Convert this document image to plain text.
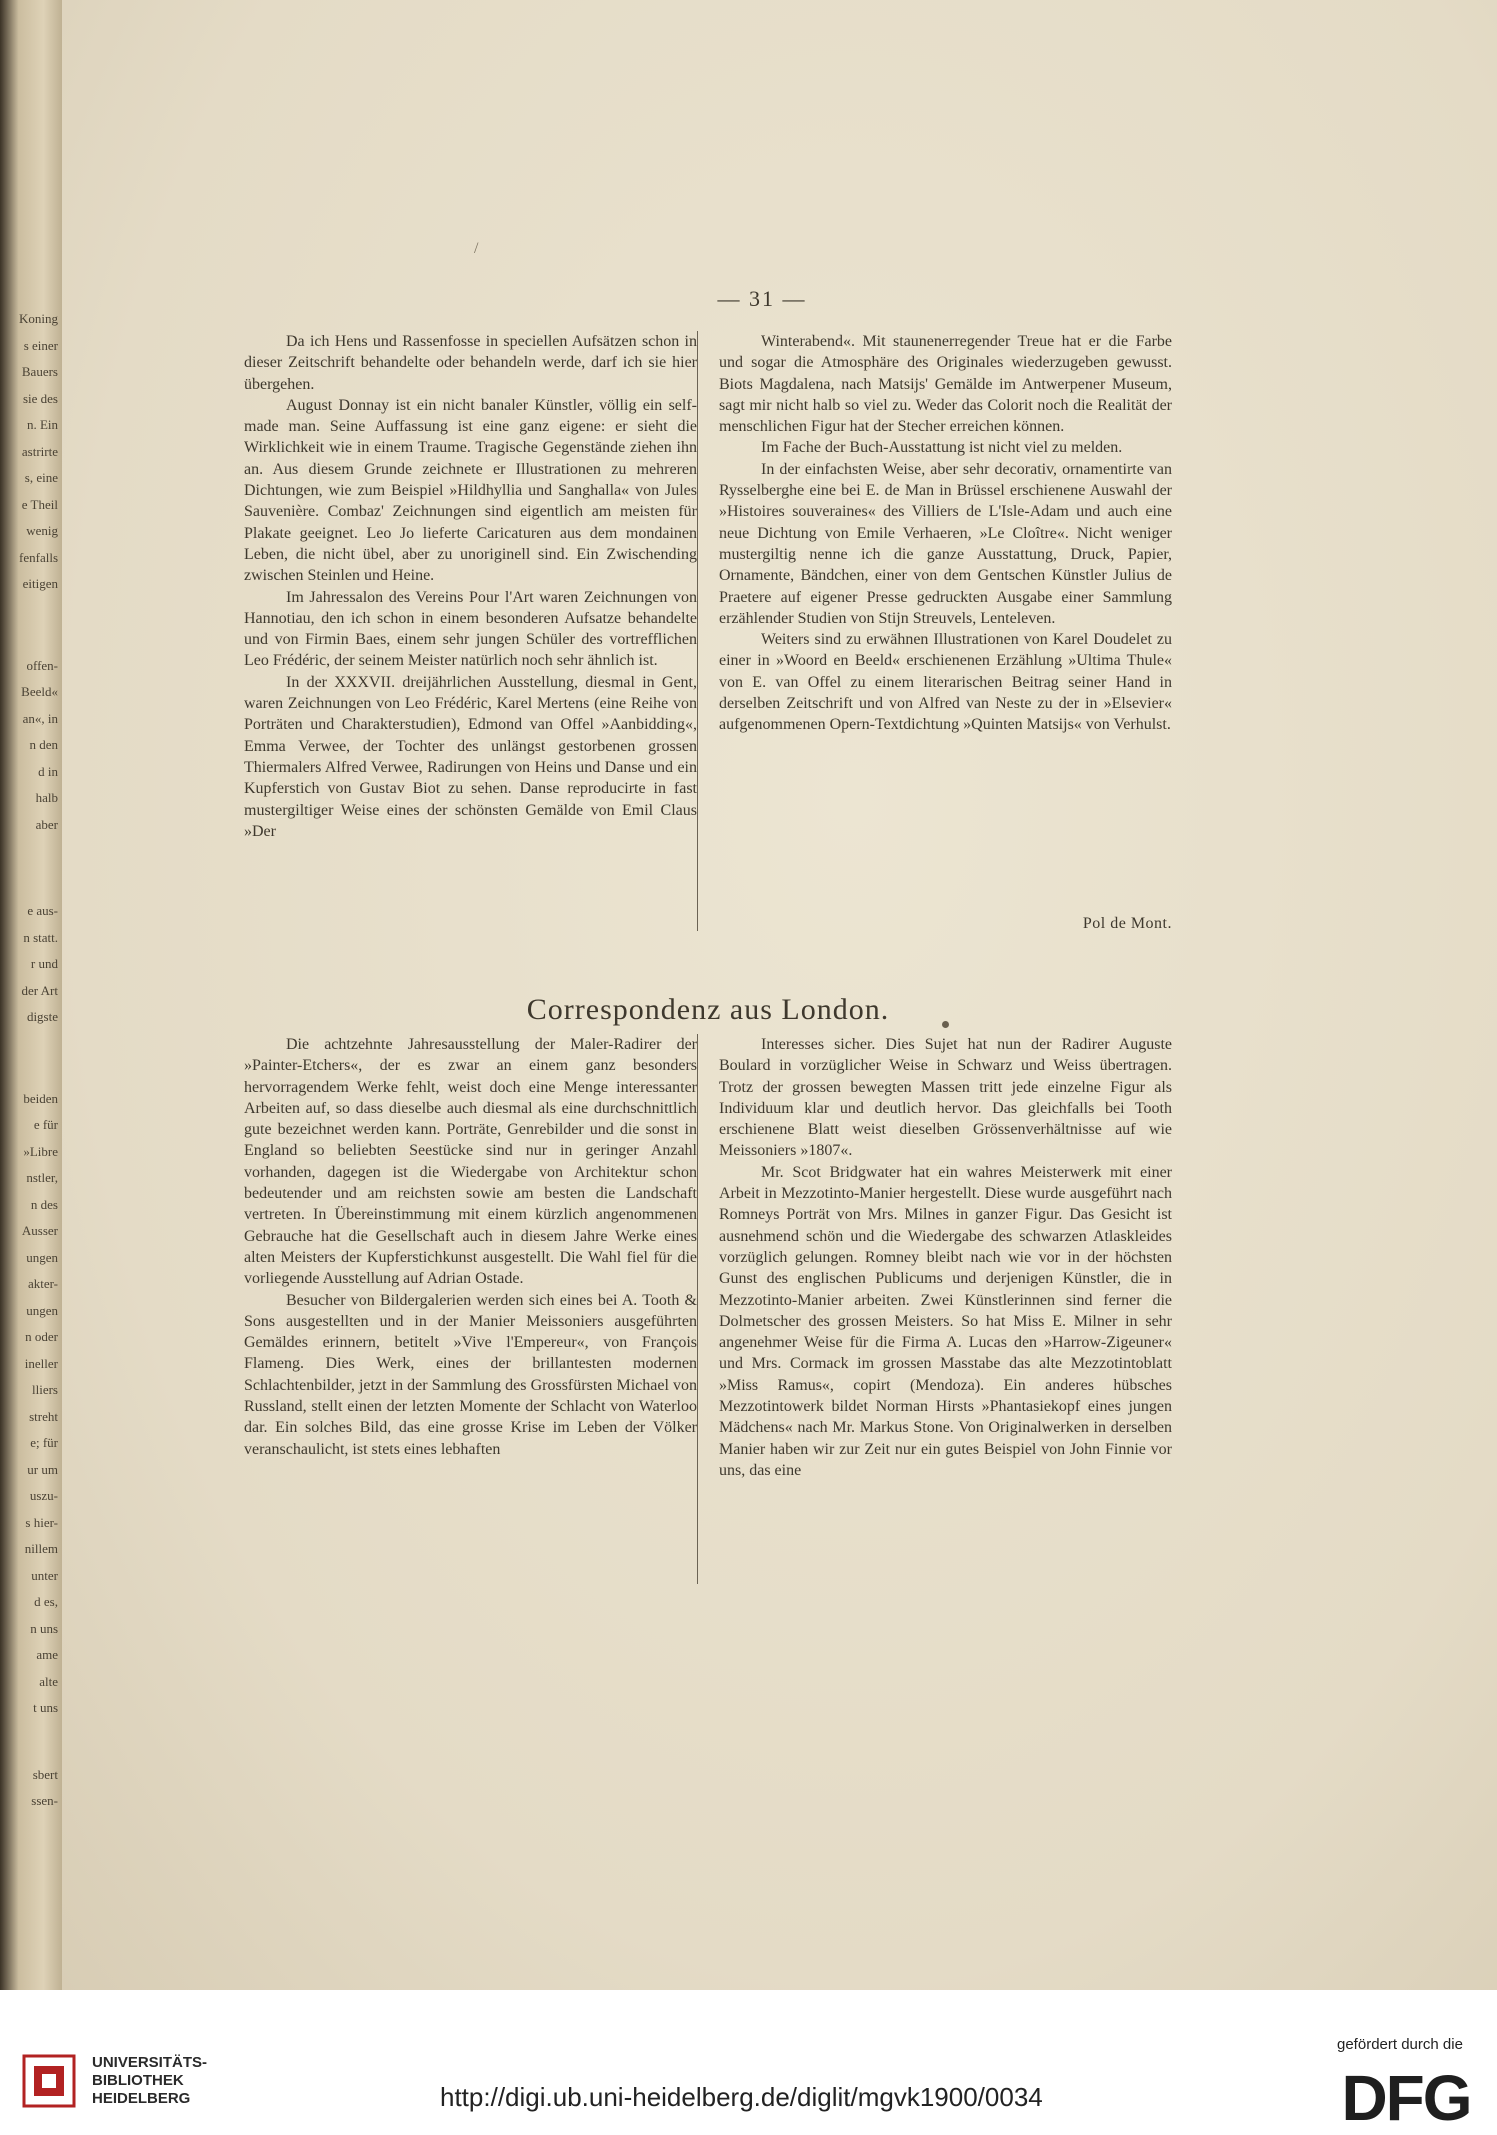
Koning
s einer
Bauers
sie des
n. Ein
astrirte
s, eine
e Theil
wenig
fenfalls
eitigen
offen-
Beeld«
an«, in
n den
d in
halb
aber
e aus-
n statt.
r und
der Art
digste
beiden
e für
»Libre
nstler,
n des
Ausser
ungen
akter-
ungen
n oder
ineller
lliers
streht
e; für
ur um
uszu-
s hier-
nillem
unter
d es,
n uns
ame
alte
t uns
sbert
ssen-
— 31 —
/

Da ich Hens und Rassenfosse in speciellen Aufsätzen schon in dieser Zeitschrift behandelte oder behandeln werde, darf ich sie hier übergehen.

August Donnay ist ein nicht banaler Künstler, völlig ein self-made man. Seine Auffassung ist eine ganz eigene: er sieht die Wirklichkeit wie in einem Traume. Tragische Gegenstände ziehen ihn an. Aus diesem Grunde zeichnete er Illustrationen zu mehreren Dichtungen, wie zum Beispiel »Hildhyllia und Sanghalla« von Jules Sauvenière. Combaz' Zeichnungen sind eigentlich am meisten für Plakate geeignet. Leo Jo lieferte Caricaturen aus dem mondainen Leben, die nicht übel, aber zu unoriginell sind. Ein Zwischending zwischen Steinlen und Heine.

Im Jahressalon des Vereins Pour l'Art waren Zeichnungen von Hannotiau, den ich schon in einem besonderen Aufsatze behandelte und von Firmin Baes, einem sehr jungen Schüler des vortrefflichen Leo Frédéric, der seinem Meister natürlich noch sehr ähnlich ist.

In der XXXVII. dreijährlichen Ausstellung, diesmal in Gent, waren Zeichnungen von Leo Frédéric, Karel Mertens (eine Reihe von Porträten und Charakterstudien), Edmond van Offel »Aanbidding«, Emma Verwee, der Tochter des unlängst gestorbenen grossen Thiermalers Alfred Verwee, Radirungen von Heins und Danse und ein Kupferstich von Gustav Biot zu sehen. Danse reproducirte in fast mustergiltiger Weise eines der schönsten Gemälde von Emil Claus »Der

Winterabend«. Mit staunenerregender Treue hat er die Farbe und sogar die Atmosphäre des Originales wiederzugeben gewusst. Biots Magdalena, nach Matsijs' Gemälde im Antwerpener Museum, sagt mir nicht halb so viel zu. Weder das Colorit noch die Realität der menschlichen Figur hat der Stecher erreichen können.

Im Fache der Buch-Ausstattung ist nicht viel zu melden.

In der einfachsten Weise, aber sehr decorativ, ornamentirte van Rysselberghe eine bei E. de Man in Brüssel erschienene Auswahl der »Histoires souveraines« des Villiers de L'Isle-Adam und auch eine neue Dichtung von Emile Verhaeren, »Le Cloître«. Nicht weniger mustergiltig nenne ich die ganze Ausstattung, Druck, Papier, Ornamente, Bändchen, einer von dem Gentschen Künstler Julius de Praetere auf eigener Presse gedruckten Ausgabe einer Sammlung erzählender Studien von Stijn Streuvels, Lenteleven.

Weiters sind zu erwähnen Illustrationen von Karel Doudelet zu einer in »Woord en Beeld« erschienenen Erzählung »Ultima Thule« von E. van Offel zu einem literarischen Beitrag seiner Hand in derselben Zeitschrift und von Alfred van Neste zu der in »Elsevier« aufgenommenen Opern-Textdichtung »Quinten Matsijs« von Verhulst.

Pol de Mont.
Correspondenz aus London.

Die achtzehnte Jahresausstellung der Maler-Radirer der »Painter-Etchers«, der es zwar an einem ganz besonders hervorragendem Werke fehlt, weist doch eine Menge interessanter Arbeiten auf, so dass dieselbe auch diesmal als eine durchschnittlich gute bezeichnet werden kann. Porträte, Genrebilder und die sonst in England so beliebten Seestücke sind nur in geringer Anzahl vorhanden, dagegen ist die Wiedergabe von Architektur schon bedeutender und am reichsten sowie am besten die Landschaft vertreten. In Übereinstimmung mit einem kürzlich angenommenen Gebrauche hat die Gesellschaft auch in diesem Jahre Werke eines alten Meisters der Kupferstichkunst ausgestellt. Die Wahl fiel für die vorliegende Ausstellung auf Adrian Ostade.

Besucher von Bildergalerien werden sich eines bei A. Tooth & Sons ausgestellten und in der Manier Meissoniers ausgeführten Gemäldes erinnern, betitelt »Vive l'Empereur«, von François Flameng. Dies Werk, eines der brillantesten modernen Schlachtenbilder, jetzt in der Sammlung des Grossfürsten Michael von Russland, stellt einen der letzten Momente der Schlacht von Waterloo dar. Ein solches Bild, das eine grosse Krise im Leben der Völker veranschaulicht, ist stets eines lebhaften

Interesses sicher. Dies Sujet hat nun der Radirer Auguste Boulard in vorzüglicher Weise in Schwarz und Weiss übertragen. Trotz der grossen bewegten Massen tritt jede einzelne Figur als Individuum klar und deutlich hervor. Das gleichfalls bei Tooth erschienene Blatt weist dieselben Grössenverhältnisse auf wie Meissoniers »1807«.

Mr. Scot Bridgwater hat ein wahres Meisterwerk mit einer Arbeit in Mezzotinto-Manier hergestellt. Diese wurde ausgeführt nach Romneys Porträt von Mrs. Milnes in ganzer Figur. Das Gesicht ist ausnehmend schön und die Wiedergabe des schwarzen Atlaskleides vorzüglich gelungen. Romney bleibt nach wie vor in der höchsten Gunst des englischen Publicums und derjenigen Künstler, die in Mezzotinto-Manier arbeiten. Zwei Künstlerinnen sind ferner die Dolmetscher des grossen Meisters. So hat Miss E. Milner in sehr angenehmer Weise für die Firma A. Lucas den »Harrow-Zigeuner« und Mrs. Cormack im grossen Masstabe das alte Mezzotintoblatt »Miss Ramus«, copirt (Mendoza). Ein anderes hübsches Mezzotintowerk bildet Norman Hirsts »Phantasiekopf eines jungen Mädchens« nach Mr. Markus Stone. Von Originalwerken in derselben Manier haben wir zur Zeit nur ein gutes Beispiel von John Finnie vor uns, das eine

UNIVERSITÄTS-
BIBLIOTHEK
HEIDELBERG	http://digi.ub.uni-heidelberg.de/diglit/mgvk1900/0034
gefördert durch die
DFG
